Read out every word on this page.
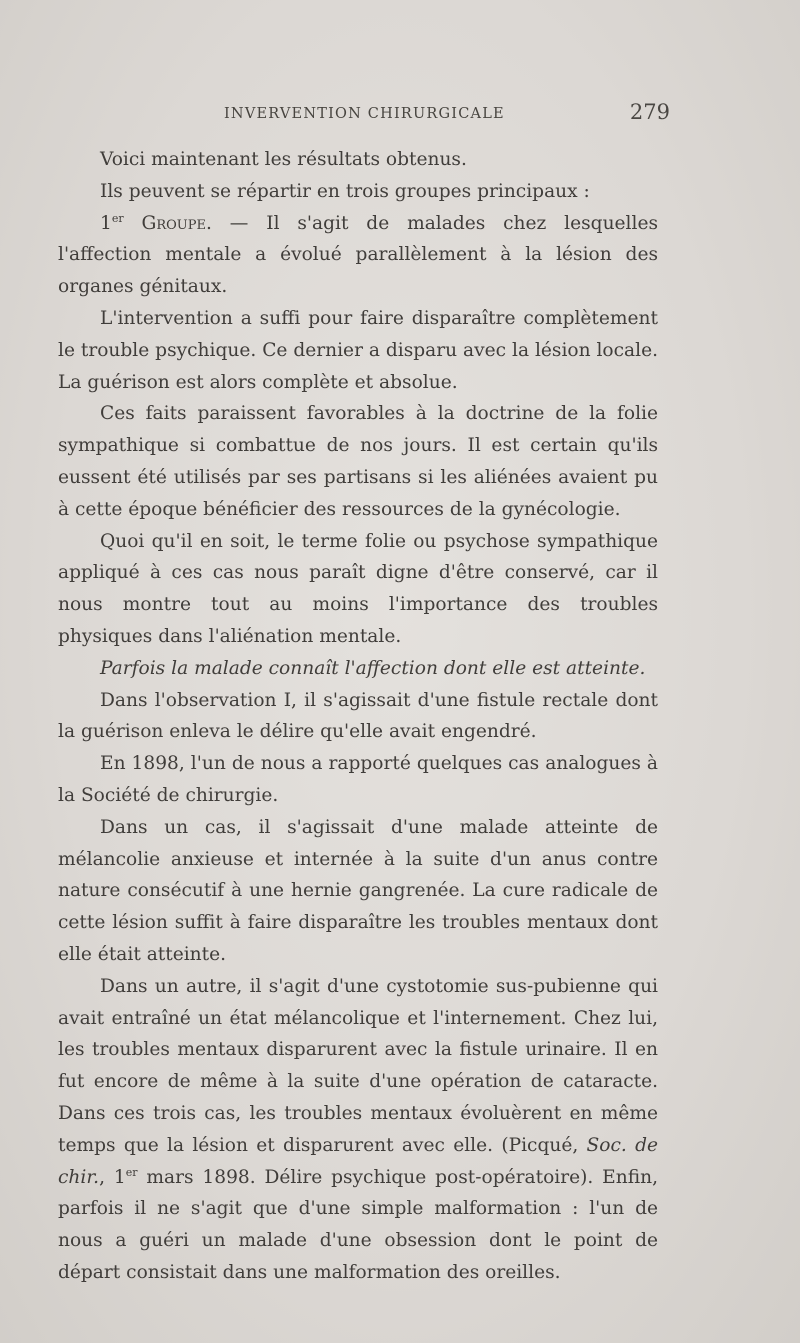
INVERVENTION CHIRURGICALE	279

Voici maintenant les résultats obtenus.

Ils peuvent se répartir en trois groupes principaux :

1er Groupe. — Il s'agit de malades chez lesquelles l'affection mentale a évolué parallèlement à la lésion des organes génitaux.

L'intervention a suffi pour faire disparaître complètement le trouble psychique. Ce dernier a disparu avec la lésion locale. La guérison est alors complète et absolue.

Ces faits paraissent favorables à la doctrine de la folie sympathique si combattue de nos jours. Il est certain qu'ils eussent été utilisés par ses partisans si les aliénées avaient pu à cette époque bénéficier des ressources de la gynécologie.

Quoi qu'il en soit, le terme folie ou psychose sympathique appliqué à ces cas nous paraît digne d'être conservé, car il nous montre tout au moins l'importance des troubles physiques dans l'aliénation mentale.

Parfois la malade connaît l'affection dont elle est atteinte.

Dans l'observation I, il s'agissait d'une fistule rectale dont la guérison enleva le délire qu'elle avait engendré.

En 1898, l'un de nous a rapporté quelques cas analogues à la Société de chirurgie.

Dans un cas, il s'agissait d'une malade atteinte de mélancolie anxieuse et internée à la suite d'un anus contre nature consécutif à une hernie gangrenée. La cure radicale de cette lésion suffit à faire disparaître les troubles mentaux dont elle était atteinte.

Dans un autre, il s'agit d'une cystotomie sus-pubienne qui avait entraîné un état mélancolique et l'internement. Chez lui, les troubles mentaux disparurent avec la fistule urinaire. Il en fut encore de même à la suite d'une opération de cataracte. Dans ces trois cas, les troubles mentaux évoluèrent en même temps que la lésion et disparurent avec elle. (Picqué, Soc. de chir., 1er mars 1898. Délire psychique post-opératoire). Enfin, parfois il ne s'agit que d'une simple malformation : l'un de nous a guéri un malade d'une obsession dont le point de départ consistait dans une malformation des oreilles.
